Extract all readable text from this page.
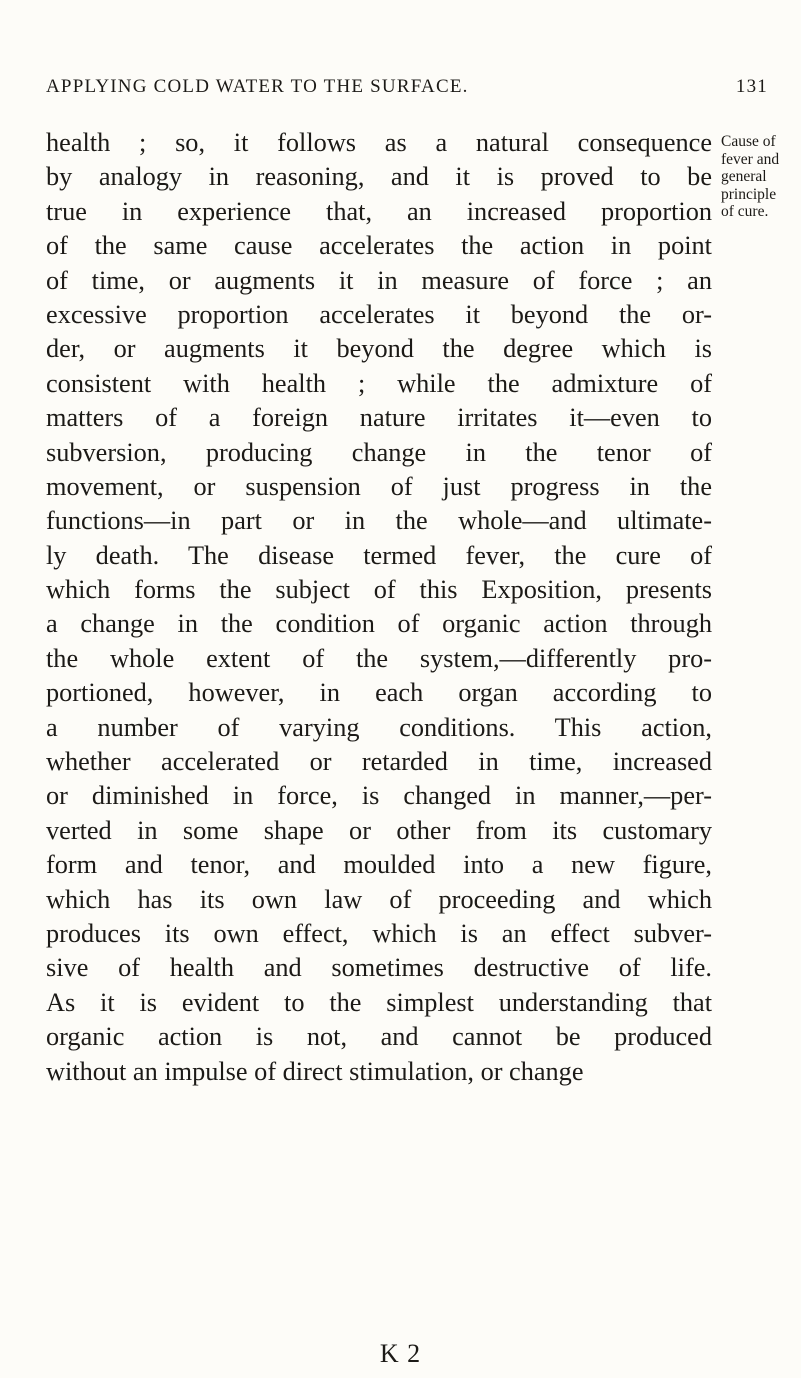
APPLYING COLD WATER TO THE SURFACE.	131
health ; so, it follows as a natural consequence
by analogy in reasoning, and it is proved to be
true in experience that, an increased proportion
of the same cause accelerates the action in point
of time, or augments it in measure of force ; an
excessive proportion accelerates it beyond the or-
der, or augments it beyond the degree which is
consistent with health ; while the admixture of
matters of a foreign nature irritates it—even to
subversion, producing change in the tenor of
movement, or suspension of just progress in the
functions—in part or in the whole—and ultimate-
ly death. The disease termed fever, the cure of
which forms the subject of this Exposition, presents
a change in the condition of organic action through
the whole extent of the system,—differently pro-
portioned, however, in each organ according to
a number of varying conditions. This action,
whether accelerated or retarded in time, increased
or diminished in force, is changed in manner,—per-
verted in some shape or other from its customary
form and tenor, and moulded into a new figure,
which has its own law of proceeding and which
produces its own effect, which is an effect subver-
sive of health and sometimes destructive of life.
As it is evident to the simplest understanding that
organic action is not, and cannot be produced
without an impulse of direct stimulation, or change
Cause of
fever and
general
principle
of cure.
K 2
